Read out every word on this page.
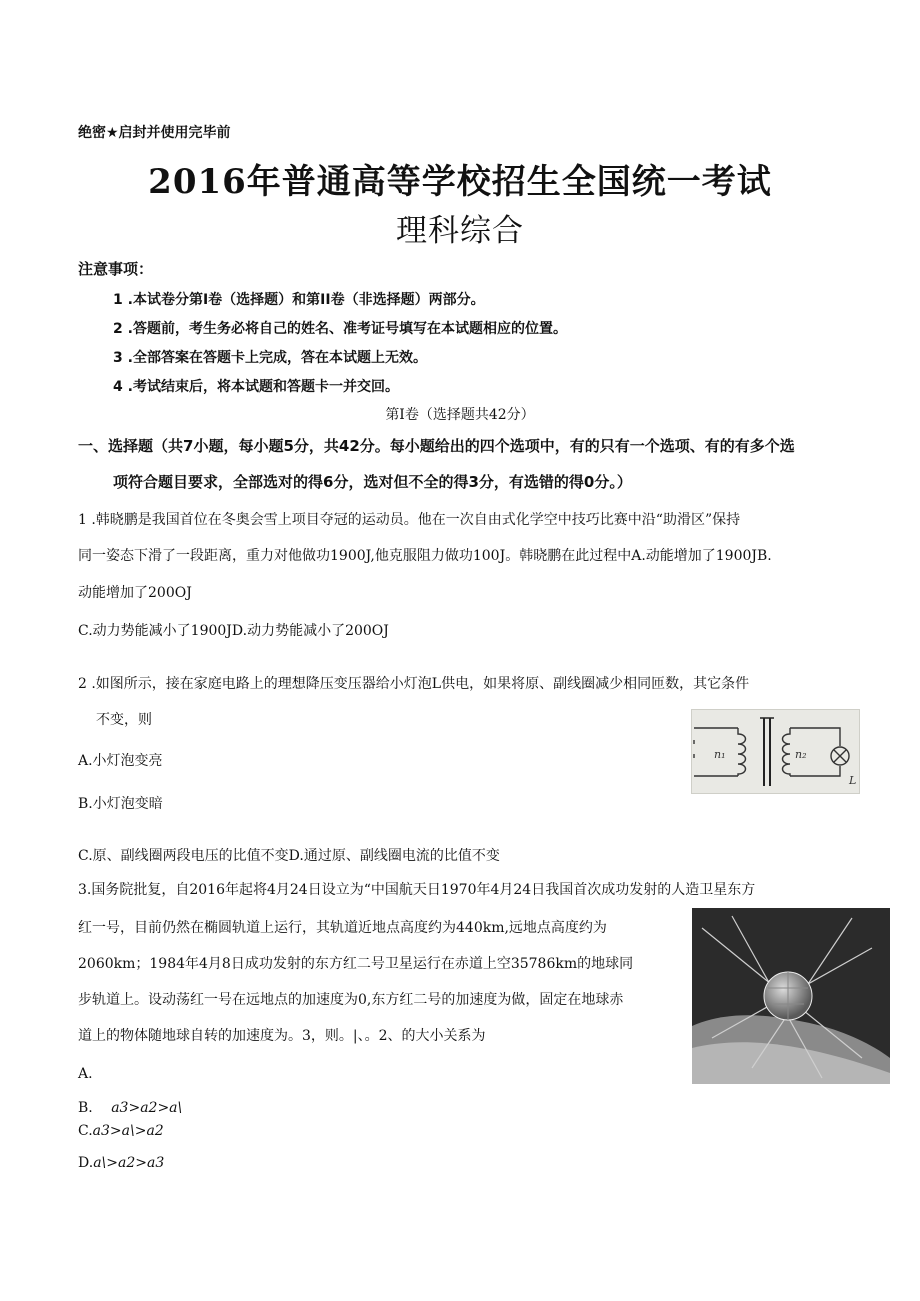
绝密★启封并使用完毕前
2016年普通高等学校招生全国统一考试
理科综合
注意事项：
1 .本试卷分第I卷（选择题）和第II卷（非选择题）两部分。
2 .答题前，考生务必将自己的姓名、准考证号填写在本试题相应的位置。
3 .全部答案在答题卡上完成，答在本试题上无效。
4 .考试结束后，将本试题和答题卡一并交回。
第I卷（选择题共42分）
一、选择题（共7小题，每小题5分，共42分。每小题给出的四个选项中，有的只有一个选项、有的有多个选
项符合题目要求，全部选对的得6分，选对但不全的得3分，有选错的得0分。）
1 .韩晓鹏是我国首位在冬奥会雪上项目夺冠的运动员。他在一次自由式化学空中技巧比赛中沿“助滑区”保持
同一姿态下滑了一段距离，重力对他做功1900J,他克服阻力做功100J。韩晓鹏在此过程中A.动能增加了1900JB.
动能增加了200OJ
C.动力势能减小了1900JD.动力势能减小了200OJ
2 .如图所示，接在家庭电路上的理想降压变压器给小灯泡L供电，如果将原、副线圈减少相同匝数，其它条件
不变，则
A.小灯泡变亮
B.小灯泡变暗
C.原、副线圈两段电压的比值不变D.通过原、副线圈电流的比值不变
n₁	n₂
L
3.国务院批复，自2016年起将4月24日设立为“中国航天日1970年4月24日我国首次成功发射的人造卫星东方
红一号，目前仍然在椭圆轨道上运行，其轨道近地点高度约为440km,远地点高度约为
2060km；1984年4月8日成功发射的东方红二号卫星运行在赤道上空35786km的地球同
步轨道上。设动荡红一号在远地点的加速度为0,东方红二号的加速度为做，固定在地球赤
道上的物体随地球自转的加速度为。3，则。|、。2、的大小关系为
A.
B. a3>a2>a\
C.a3>a\>a2
D.a\>a2>a3
